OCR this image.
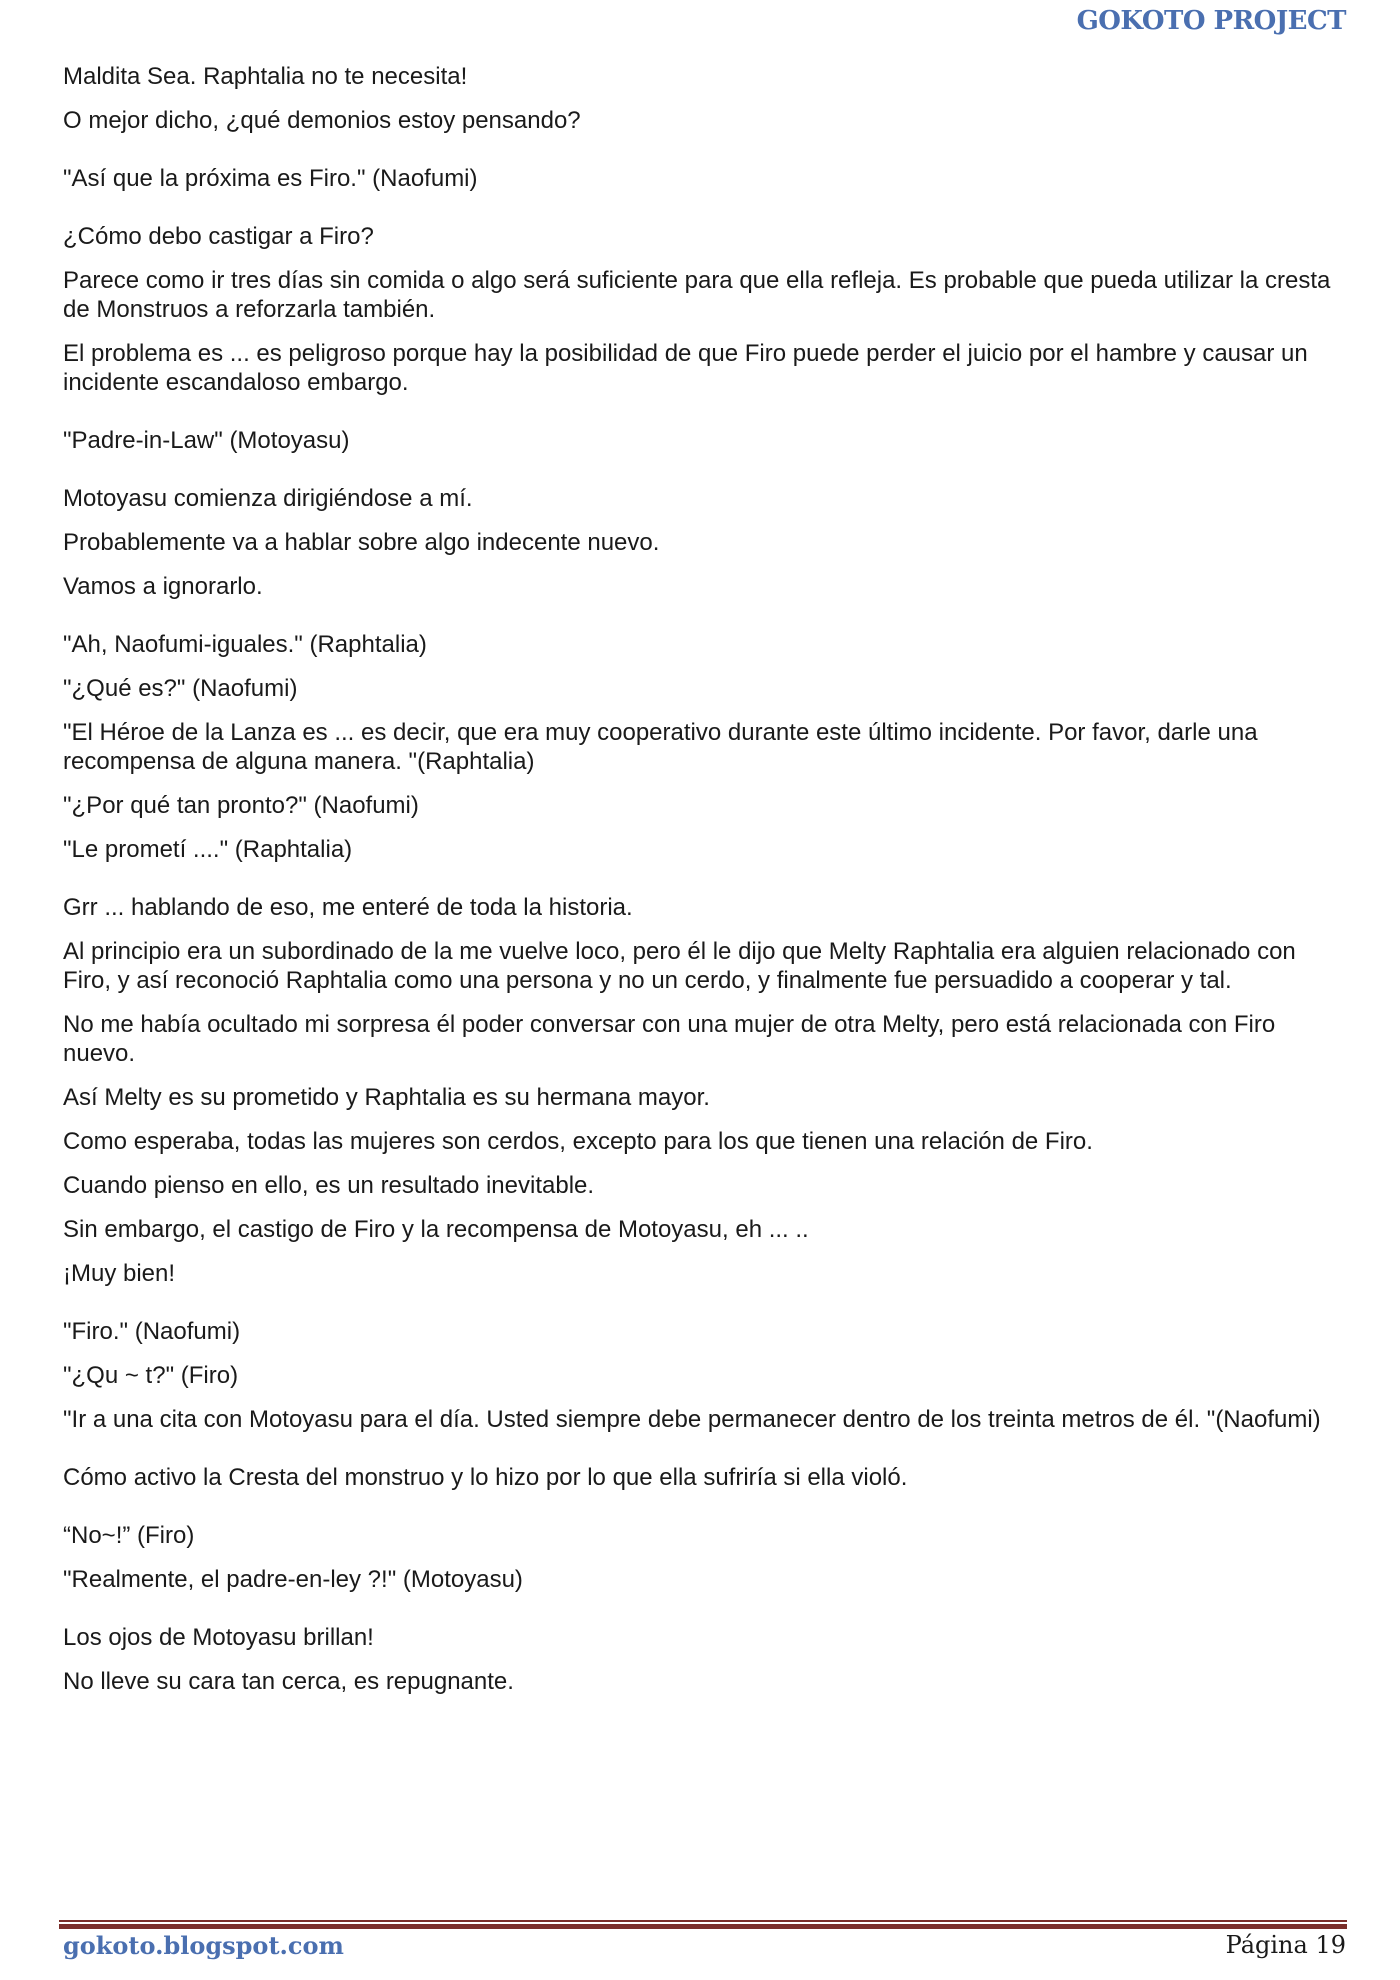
GOKOTO PROJECT

Maldita Sea. Raphtalia no te necesita!

O mejor dicho, ¿qué demonios estoy pensando?

"Así que la próxima es Firo." (Naofumi)

¿Cómo debo castigar a Firo?

Parece como ir tres días sin comida o algo será suficiente para que ella refleja. Es probable que pueda utilizar la cresta de Monstruos a reforzarla también.

El problema es ... es peligroso porque hay la posibilidad de que Firo puede perder el juicio por el hambre y causar un incidente escandaloso embargo.

"Padre-in-Law" (Motoyasu)

Motoyasu comienza dirigiéndose a mí.

Probablemente va a hablar sobre algo indecente nuevo.

Vamos a ignorarlo.

"Ah, Naofumi-iguales." (Raphtalia)

"¿Qué es?" (Naofumi)

"El Héroe de la Lanza es ... es decir, que era muy cooperativo durante este último incidente. Por favor, darle una recompensa de alguna manera. "(Raphtalia)

"¿Por qué tan pronto?" (Naofumi)

"Le prometí ...." (Raphtalia)

Grr ... hablando de eso, me enteré de toda la historia.

Al principio era un subordinado de la me vuelve loco, pero él le dijo que Melty Raphtalia era alguien relacionado con Firo, y así reconoció Raphtalia como una persona y no un cerdo, y finalmente fue persuadido a cooperar y tal.

No me había ocultado mi sorpresa él poder conversar con una mujer de otra Melty, pero está relacionada con Firo nuevo.

Así Melty es su prometido y Raphtalia es su hermana mayor.

Como esperaba, todas las mujeres son cerdos, excepto para los que tienen una relación de Firo.

Cuando pienso en ello, es un resultado inevitable.

Sin embargo, el castigo de Firo y la recompensa de Motoyasu, eh ... ..

¡Muy bien!

"Firo." (Naofumi)

"¿Qu ~ t?" (Firo)

"Ir a una cita con Motoyasu para el día. Usted siempre debe permanecer dentro de los treinta metros de él. "(Naofumi)

Cómo activo la Cresta del monstruo y lo hizo por lo que ella sufriría si ella violó.

“No~!” (Firo)

"Realmente, el padre-en-ley ?!" (Motoyasu)

Los ojos de Motoyasu brillan!

No lleve su cara tan cerca, es repugnante.

gokoto.blogspot.com	Página 19
